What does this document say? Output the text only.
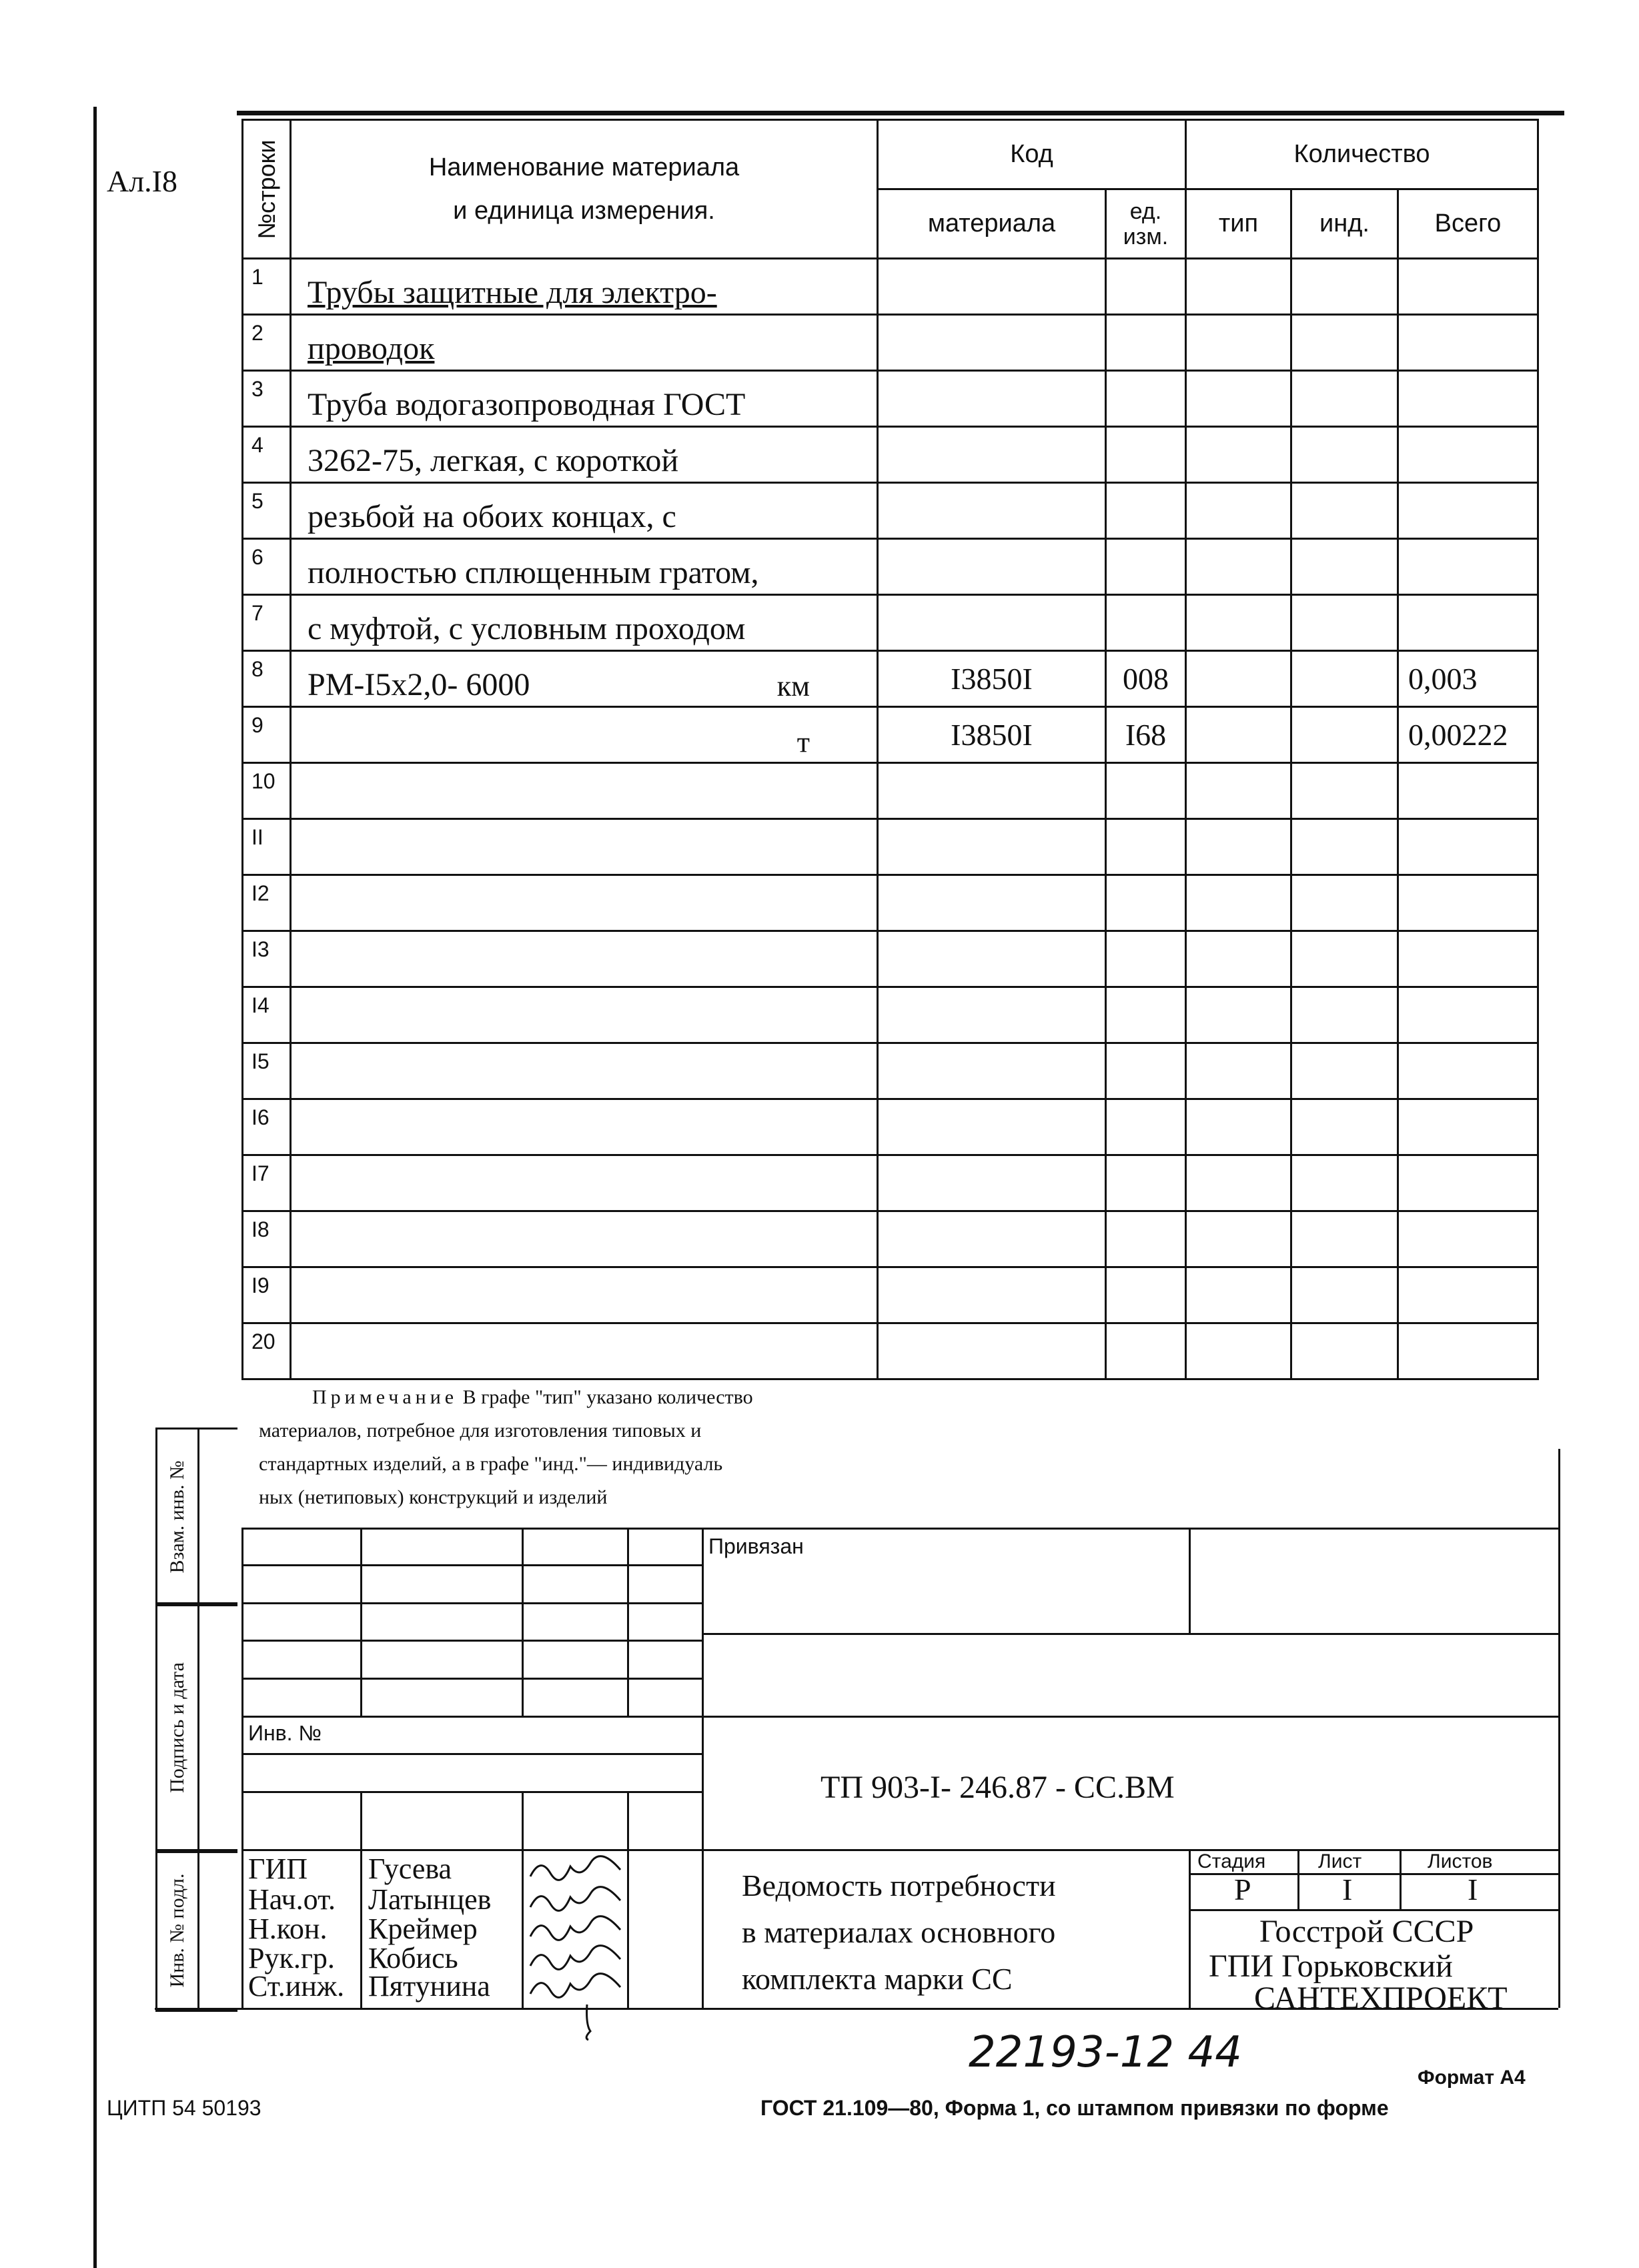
Ал.I8	№строки	Наименование материала
и единица измерения.	Код		Количество		
		материала	ед. изм.	тип	инд.	Всего
1	Трубы защитные для электро-

2	проводок

3	Труба водогазопроводная ГОСТ

4	3262-75, легкая, с короткой

5	резьбой на обоих концах, с

6	полностью сплющенным гратом,

7	с муфтой, с условным проходом

8	РМ-I5x2,0- 6000 км	I3850I	008			0,003
9	т	I3850I	I68			0,00222
10	

II	

I2	

I3	

I4	

I5	

I6	

I7	

I8	

I9	

20	

Примечание В графе "тип" указано количество
материалов, потребное для изготовления типовых и
стандартных изделий, а в графе "инд."— индивидуаль
ных (нетиповых) конструкций и изделий
Взам. инв. №
Подпись и дата
Инв. № подл.
Привязан
Инв. №
ТП 903-I- 246.87 - СС.ВМ
ГИП Гусева
Нач.от. Латынцев
Н.кон. Креймер
Рук.гр. Кобись
Ст.инж. Пятунина
Ведомость потребности
в материалах основного
комплекта марки СС
Стадия	Лист	Листов
Р	I	I
Госстрой СССР
ГПИ Горьковский
САНТЕХПРОЕКТ
22193-12 44
Формат А4
ЦИТП 54 50193	ГОСТ 21.109—80, Форма 1, со штампом привязки по форме
